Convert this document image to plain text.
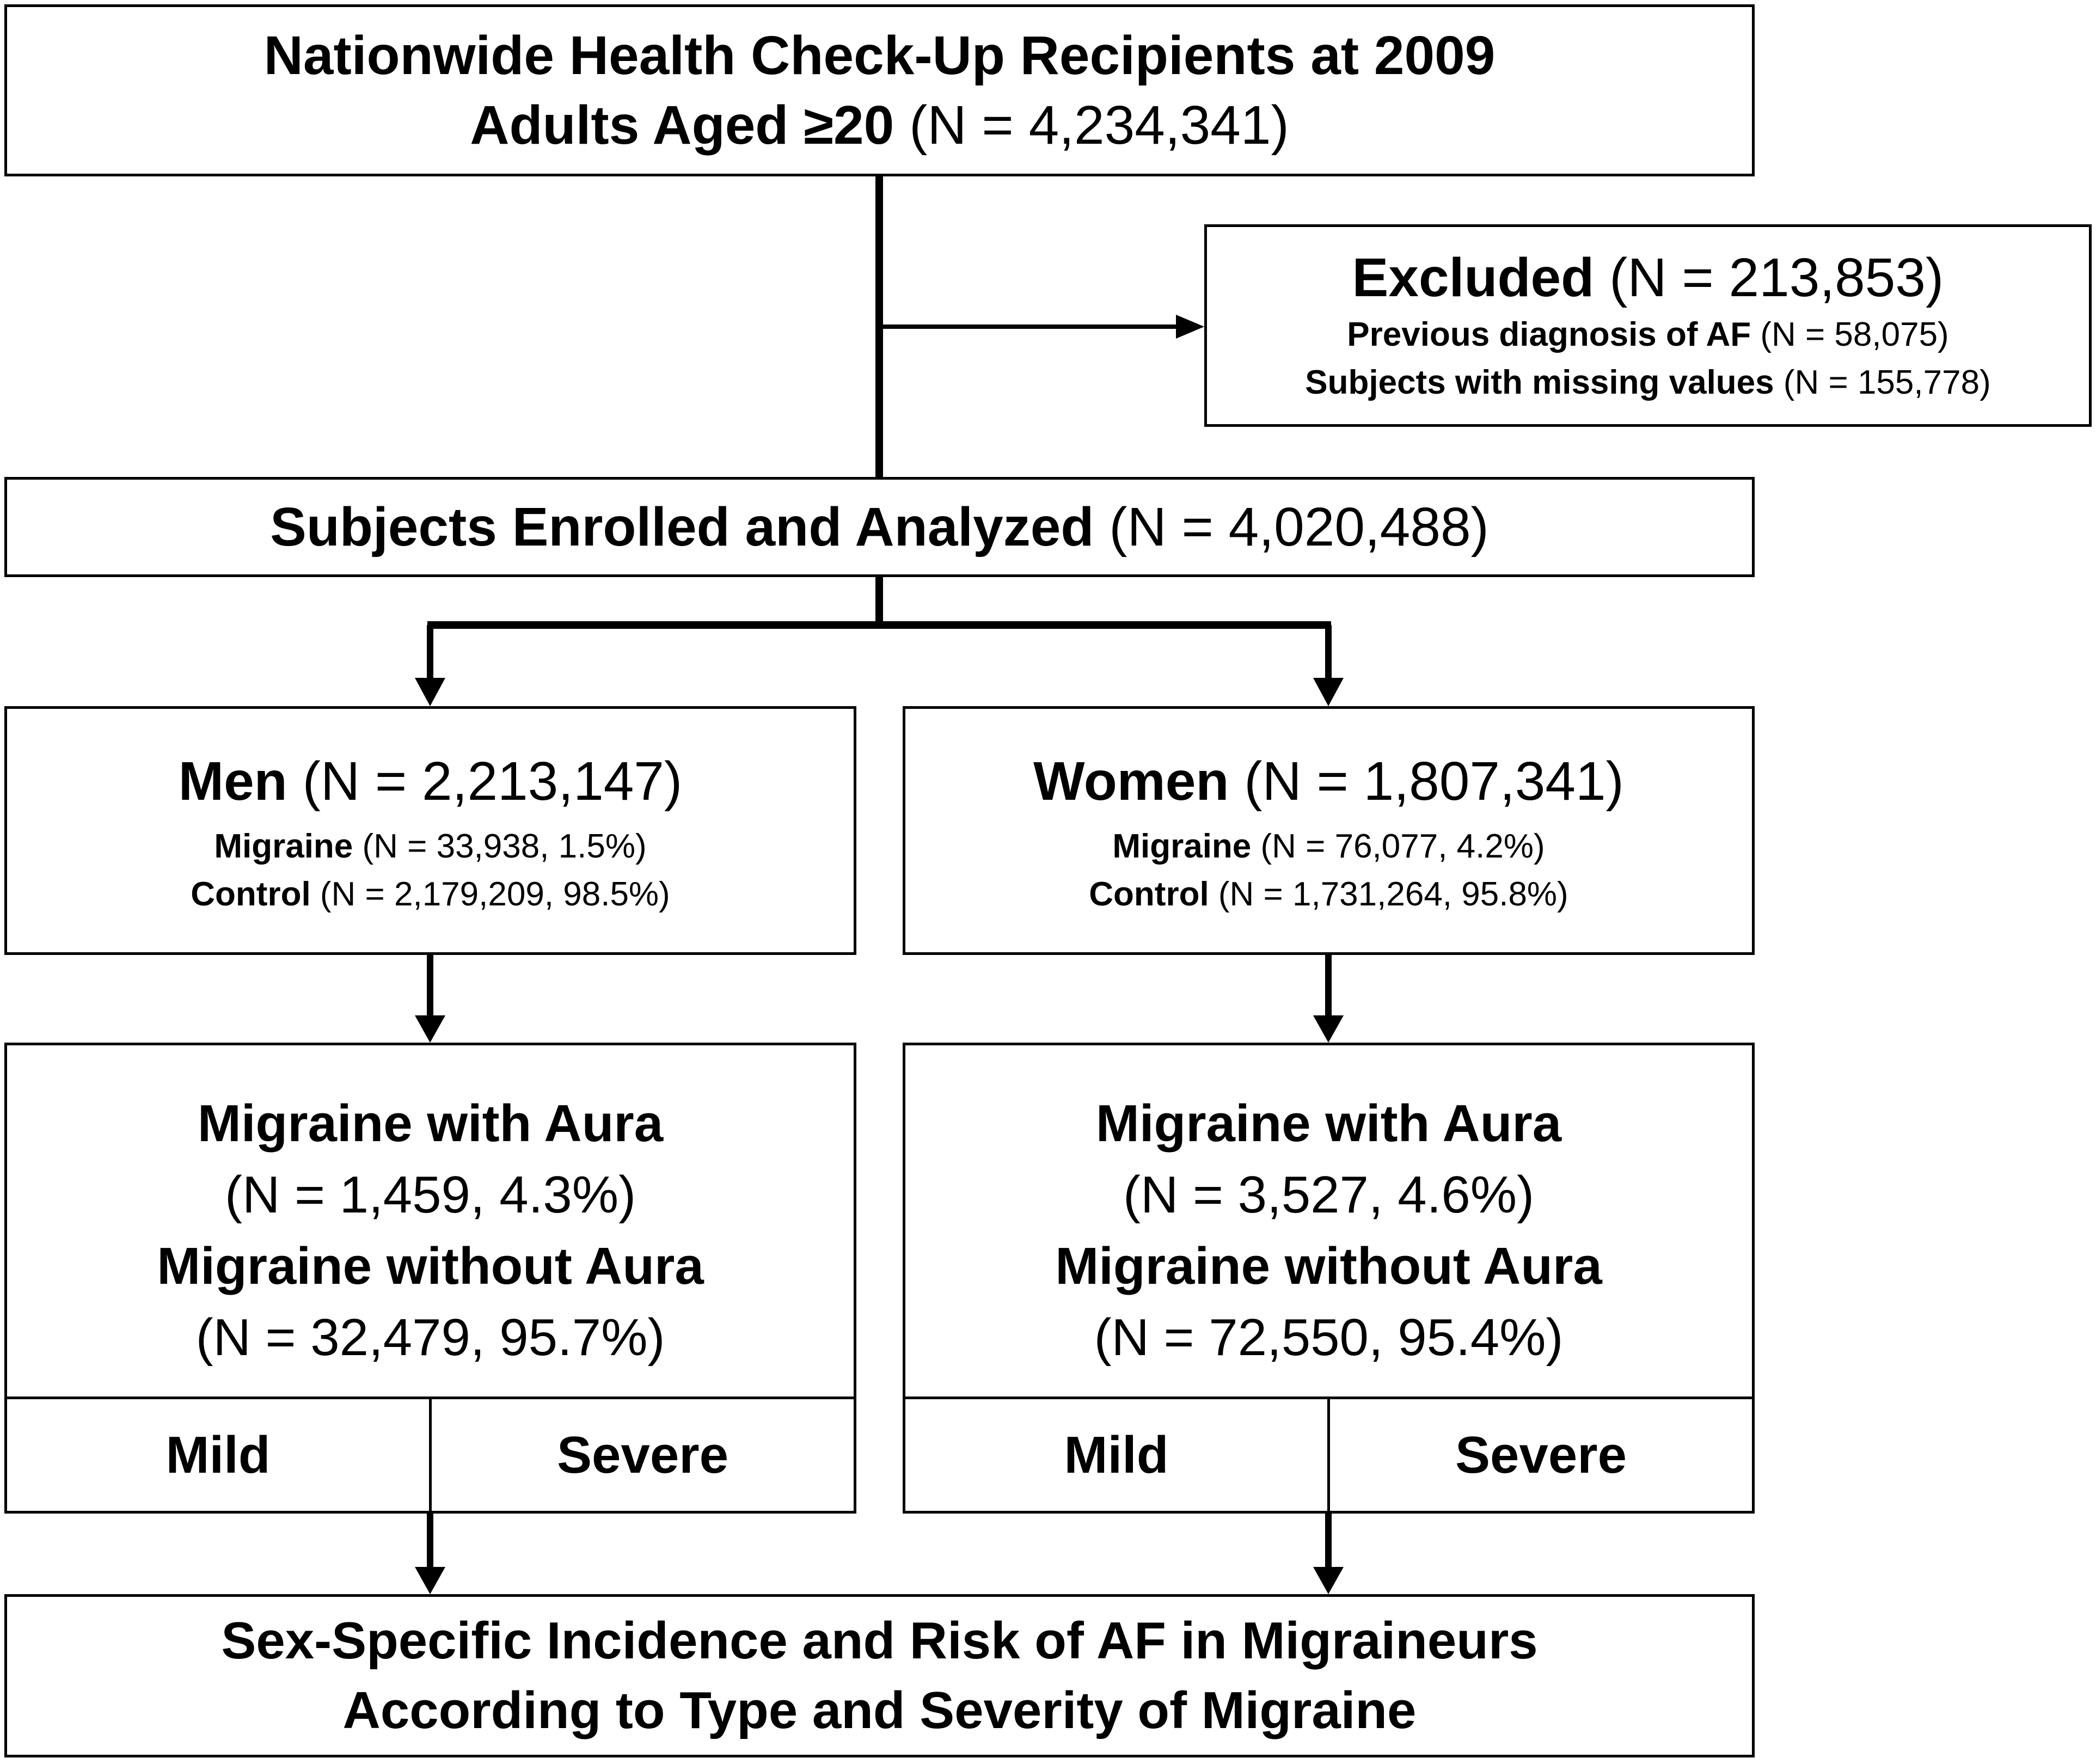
Nationwide Health Check-Up Recipients at 2009
Adults Aged ≥20 (N = 4,234,341)
Excluded (N = 213,853)
Previous diagnosis of AF (N = 58,075)
Subjects with missing values (N = 155,778)
Subjects Enrolled and Analyzed (N = 4,020,488)
Men (N = 2,213,147)
Migraine (N = 33,938, 1.5%)
Control (N = 2,179,209, 98.5%)
Women (N = 1,807,341)
Migraine (N = 76,077, 4.2%)
Control (N = 1,731,264, 95.8%)
Migraine with Aura
(N = 1,459, 4.3%)
Migraine without Aura
(N = 32,479, 95.7%)
Mild	Severe
Migraine with Aura
(N = 3,527, 4.6%)
Migraine without Aura
(N = 72,550, 95.4%)
Mild	Severe
Sex-Specific Incidence and Risk of AF in Migraineurs
According to Type and Severity of Migraine
